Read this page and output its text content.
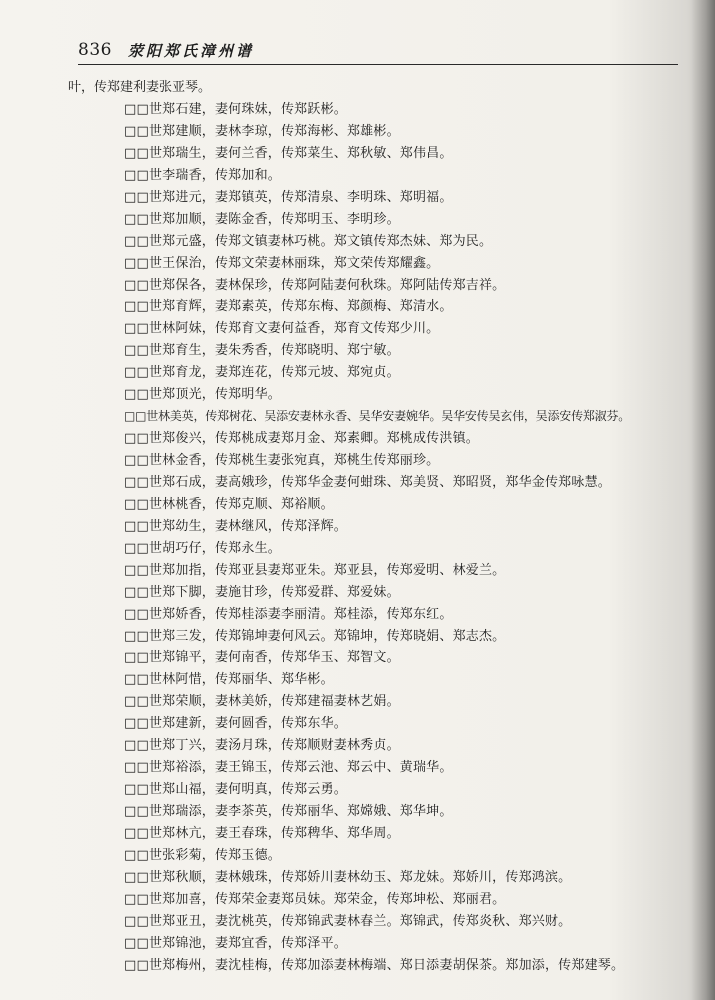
836 荥阳郑氏漳州谱
叶，传郑建利妻张亚琴。
□□世郑石建，妻何珠妹，传郑跃彬。
□□世郑建顺，妻林李琼，传郑海彬、郑雄彬。
□□世郑瑞生，妻何兰香，传郑菜生、郑秋敏、郑伟昌。
□□世李瑞香，传郑加和。
□□世郑进元，妻郑镇英，传郑清泉、李明珠、郑明福。
□□世郑加顺，妻陈金香，传郑明玉、李明珍。
□□世郑元盛，传郑文镇妻林巧桃。郑文镇传郑杰妹、郑为民。
□□世王保治，传郑文荣妻林丽珠，郑文荣传郑耀鑫。
□□世郑保各，妻林保珍，传郑阿陆妻何秋珠。郑阿陆传郑吉祥。
□□世郑育辉，妻郑素英，传郑东梅、郑颜梅、郑清水。
□□世林阿妹，传郑育文妻何益香，郑育文传郑少川。
□□世郑育生，妻朱秀香，传郑晓明、郑宁敏。
□□世郑育龙，妻郑连花，传郑元坡、郑宛贞。
□□世郑顶光，传郑明华。
□□世林美英，传郑树花、吴添安妻林永香、吴华安妻婉华。吴华安传吴玄伟，吴添安传郑淑芬。
□□世郑俊兴，传郑桃成妻郑月金、郑素卿。郑桃成传洪镇。
□□世林金香，传郑桃生妻张宛真，郑桃生传郑丽珍。
□□世郑石成，妻高娥珍，传郑华金妻何蚶珠、郑美贤、郑昭贤，郑华金传郑咏慧。
□□世林桃香，传郑克顺、郑裕顺。
□□世郑幼生，妻林继风，传郑泽辉。
□□世胡巧仔，传郑永生。
□□世郑加指，传郑亚县妻郑亚朱。郑亚县，传郑爱明、林爱兰。
□□世郑下脚，妻施甘珍，传郑爱群、郑爱妹。
□□世郑娇香，传郑桂添妻李丽清。郑桂添，传郑东红。
□□世郑三发，传郑锦坤妻何风云。郑锦坤，传郑晓娟、郑志杰。
□□世郑锦平，妻何南香，传郑华玉、郑智文。
□□世林阿惜，传郑丽华、郑华彬。
□□世郑荣顺，妻林美娇，传郑建福妻林艺娟。
□□世郑建新，妻何圆香，传郑东华。
□□世郑丁兴，妻汤月珠，传郑顺财妻林秀贞。
□□世郑裕添，妻王锦玉，传郑云池、郑云中、黄瑞华。
□□世郑山福，妻何明真，传郑云勇。
□□世郑瑞添，妻李茶英，传郑丽华、郑嫦娥、郑华坤。
□□世郑林亢，妻王春珠，传郑稗华、郑华周。
□□世张彩菊，传郑玉德。
□□世郑秋顺，妻林娥珠，传郑娇川妻林幼玉、郑龙妹。郑娇川，传郑鸿滨。
□□世郑加喜，传郑荣金妻郑员妹。郑荣金，传郑坤松、郑丽君。
□□世郑亚丑，妻沈桃英，传郑锦武妻林春兰。郑锦武，传郑炎秋、郑兴财。
□□世郑锦池，妻郑宜香，传郑泽平。
□□世郑梅州，妻沈桂梅，传郑加添妻林梅端、郑日添妻胡保茶。郑加添，传郑建琴。
